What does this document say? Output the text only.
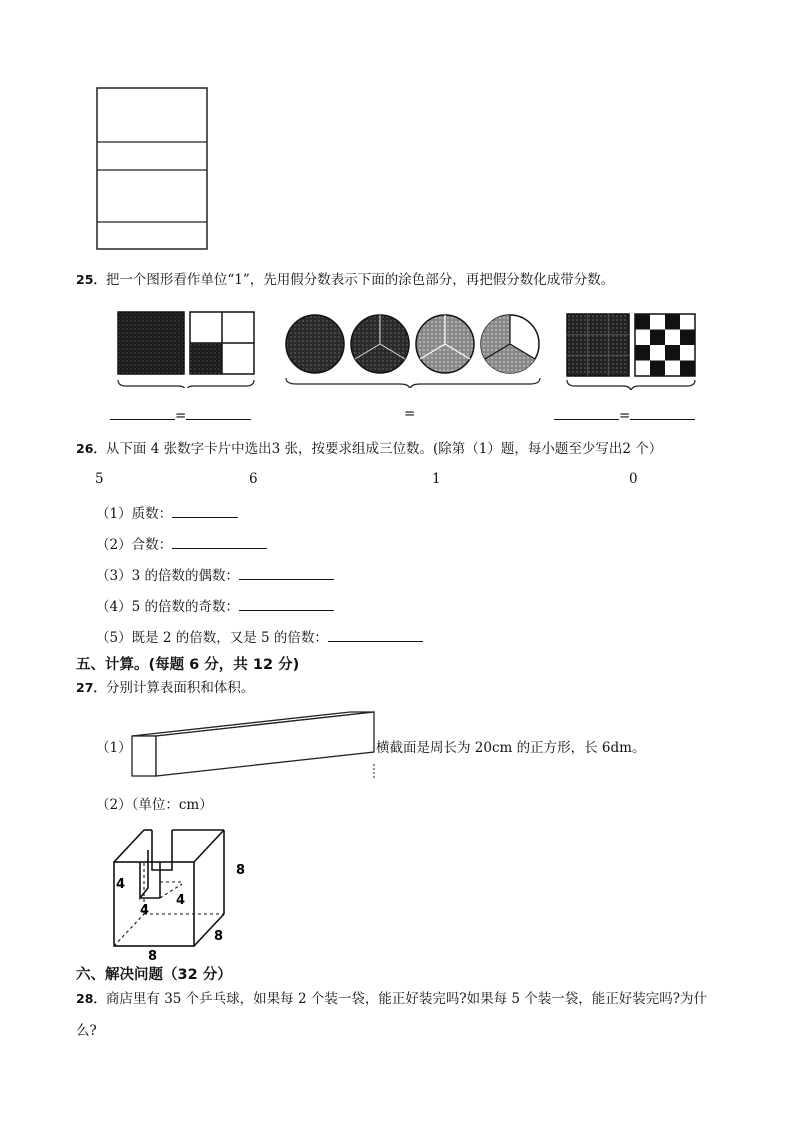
25．把一个图形看作单位“1”，先用假分数表示下面的涂色部分，再把假分数化成带分数。
=	=	=
26．从下面 4 张数字卡片中选出3 张，按要求组成三位数。(除第（1）题，每小题至少写出2 个）
5	6	1	0
（1）质数：
（2）合数：
（3）3 的倍数的偶数：
（4）5 的倍数的奇数：
（5）既是 2 的倍数，又是 5 的倍数：
五、计算。(每题 6 分，共 12 分)
27．分别计算表面积和体积。
（1）	横截面是周长为 20cm 的正方形，长 6dm。
（2）（单位：cm）
4
4
4
8
8
8
六、解决问题（32 分）
28．商店里有 35 个乒乓球，如果每 2 个装一袋，能正好装完吗?如果每 5 个装一袋，能正好装完吗?为什
么?
